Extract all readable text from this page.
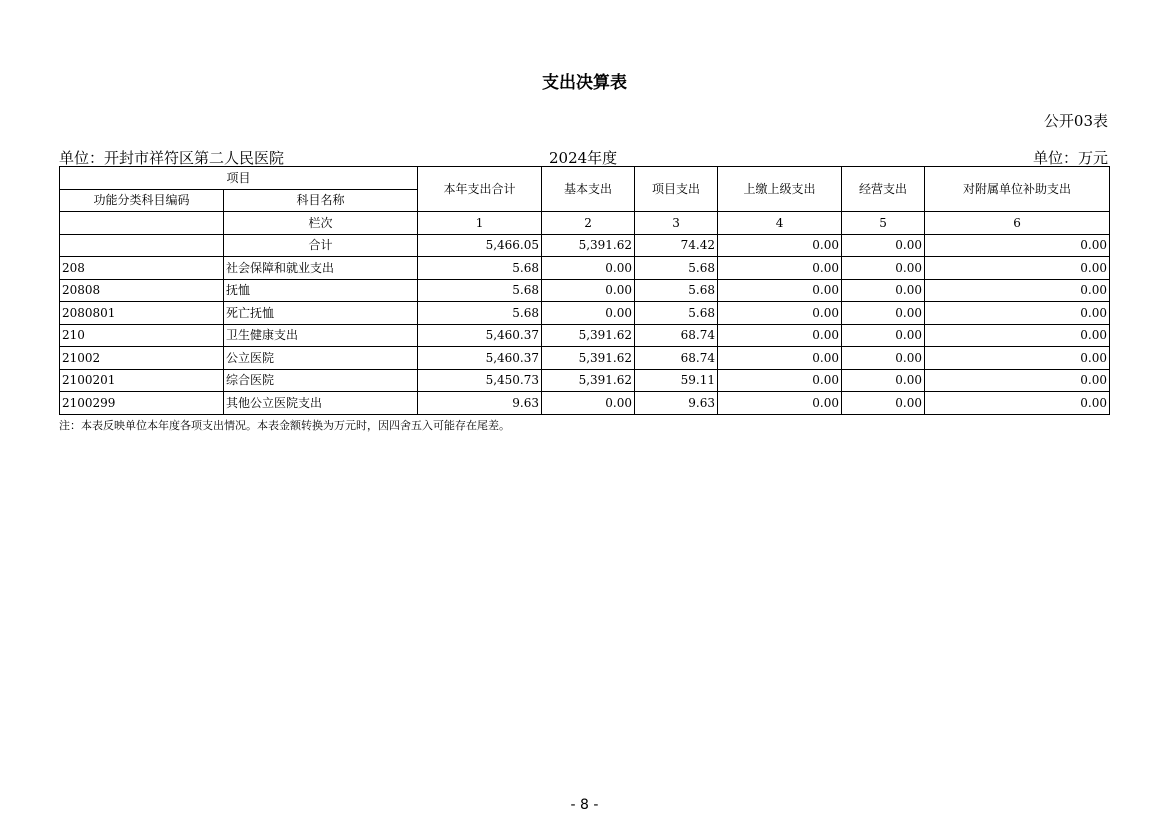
支出决算表
公开03表
单位：开封市祥符区第二人民医院	2024年度	单位：万元
项目		本年支出合计	基本支出	项目支出	上缴上级支出	经营支出	对附属单位补助支出
功能分类科目编码	科目名称						
	栏次	1	2	3	4	5	6
	合计	5,466.05	5,391.62	74.42	0.00	0.00	0.00
208	社会保障和就业支出	5.68	0.00	5.68	0.00	0.00	0.00
20808	抚恤	5.68	0.00	5.68	0.00	0.00	0.00
2080801	死亡抚恤	5.68	0.00	5.68	0.00	0.00	0.00
210	卫生健康支出	5,460.37	5,391.62	68.74	0.00	0.00	0.00
21002	公立医院	5,460.37	5,391.62	68.74	0.00	0.00	0.00
2100201	综合医院	5,450.73	5,391.62	59.11	0.00	0.00	0.00
2100299	其他公立医院支出	9.63	0.00	9.63	0.00	0.00	0.00
注：本表反映单位本年度各项支出情况。本表金额转换为万元时，因四舍五入可能存在尾差。
- 8 -
